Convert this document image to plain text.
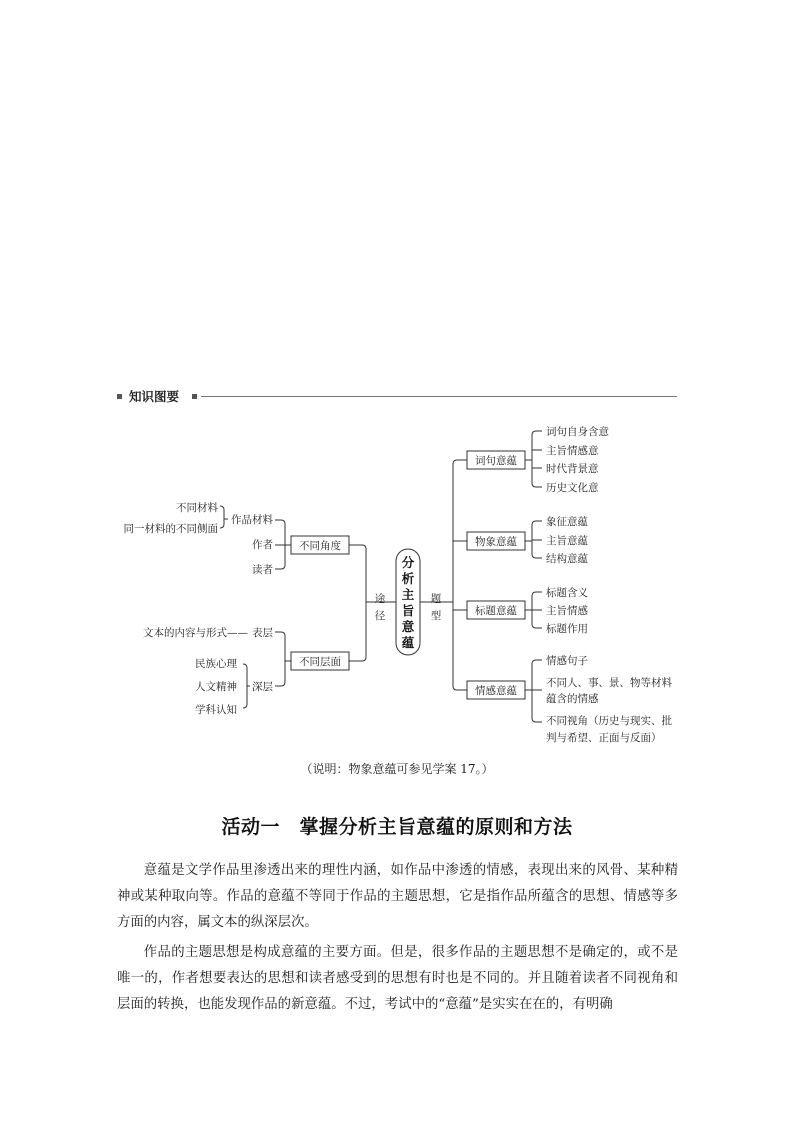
知识图要
分
析
主
旨
意
蕴
途
径
题
型
不同角度
不同层面
作品材料
作者
读者
不同材料
同一材料的不同侧面
文本的内容与形式—— 表层
深层
民族心理
人文精神
学科认知
词句意蕴
物象意蕴
标题意蕴
情感意蕴
词句自身含意
主旨情感意
时代背景意
历史文化意
象征意蕴
主旨意蕴
结构意蕴
标题含义
主旨情感
标题作用
情感句子
不同人、事、景、物等材料
蕴含的情感
不同视角（历史与现实、批
判与希望、正面与反面）
（说明：物象意蕴可参见学案 17。）
活动一　掌握分析主旨意蕴的原则和方法

意蕴是文学作品里渗透出来的理性内涵，如作品中渗透的情感，表现出来的风骨、某种精神或某种取向等。作品的意蕴不等同于作品的主题思想，它是指作品所蕴含的思想、情感等多方面的内容，属文本的纵深层次。

作品的主题思想是构成意蕴的主要方面。但是，很多作品的主题思想不是确定的，或不是唯一的，作者想要表达的思想和读者感受到的思想有时也是不同的。并且随着读者不同视角和层面的转换，也能发现作品的新意蕴。不过，考试中的“意蕴”是实实在在的，有明确
